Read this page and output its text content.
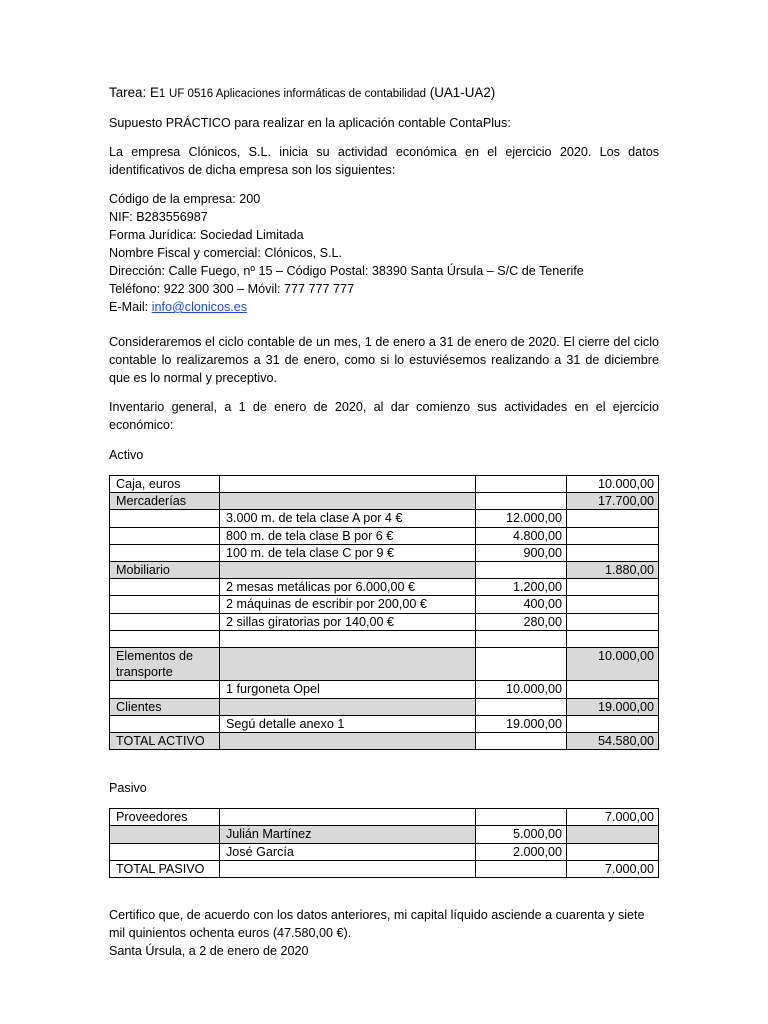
Tarea: E1 UF 0516 Aplicaciones informáticas de contabilidad (UA1-UA2)

Supuesto PRÁCTICO para realizar en la aplicación contable ContaPlus:

La empresa Clónicos, S.L. inicia su actividad económica en el ejercicio 2020. Los datos identificativos de dicha empresa son los siguientes:

Código de la empresa: 200

NIF: B283556987

Forma Jurídica: Sociedad Limitada

Nombre Fiscal y comercial: Clónicos, S.L.

Dirección: Calle Fuego, nº 15 – Código Postal: 38390 Santa Úrsula – S/C de Tenerife

Teléfono: 922 300 300 – Móvil: 777 777 777

E-Mail: info@clonicos.es

Consideraremos el ciclo contable de un mes, 1 de enero a 31 de enero de 2020. El cierre del ciclo contable lo realizaremos a 31 de enero, como si lo estuviésemos realizando a 31 de diciembre que es lo normal y preceptivo.

Inventario general, a 1 de enero de 2020, al dar comienzo sus actividades en el ejercicio económico:

Activo

Caja, euros			10.000,00
Mercaderías			17.700,00
	3.000 m. de tela clase A por 4 €	12.000,00	
	800 m. de tela clase B por 6 €	4.800,00	
	100 m. de tela clase C por 9 €	900,00	
Mobiliario			1.880,00
	2 mesas metálicas por 6.000,00 €	1.200,00	
	2 máquinas de escribir por 200,00 €	400,00	
	2 sillas giratorias por 140,00 €	280,00	

Elementos de transporte			10.000,00
	1 furgoneta Opel	10.000,00	
Clientes			19.000,00
	Segú detalle anexo 1	19.000,00	
TOTAL ACTIVO			54.580,00

Pasivo

Proveedores			7.000,00
	Julián Martínez	5.000,00	
	José García	2.000,00	
TOTAL PASIVO			7.000,00

Certifico que, de acuerdo con los datos anteriores, mi capital líquido asciende a cuarenta y siete mil quinientos ochenta euros (47.580,00 €).

Santa Úrsula, a 2 de enero de 2020
